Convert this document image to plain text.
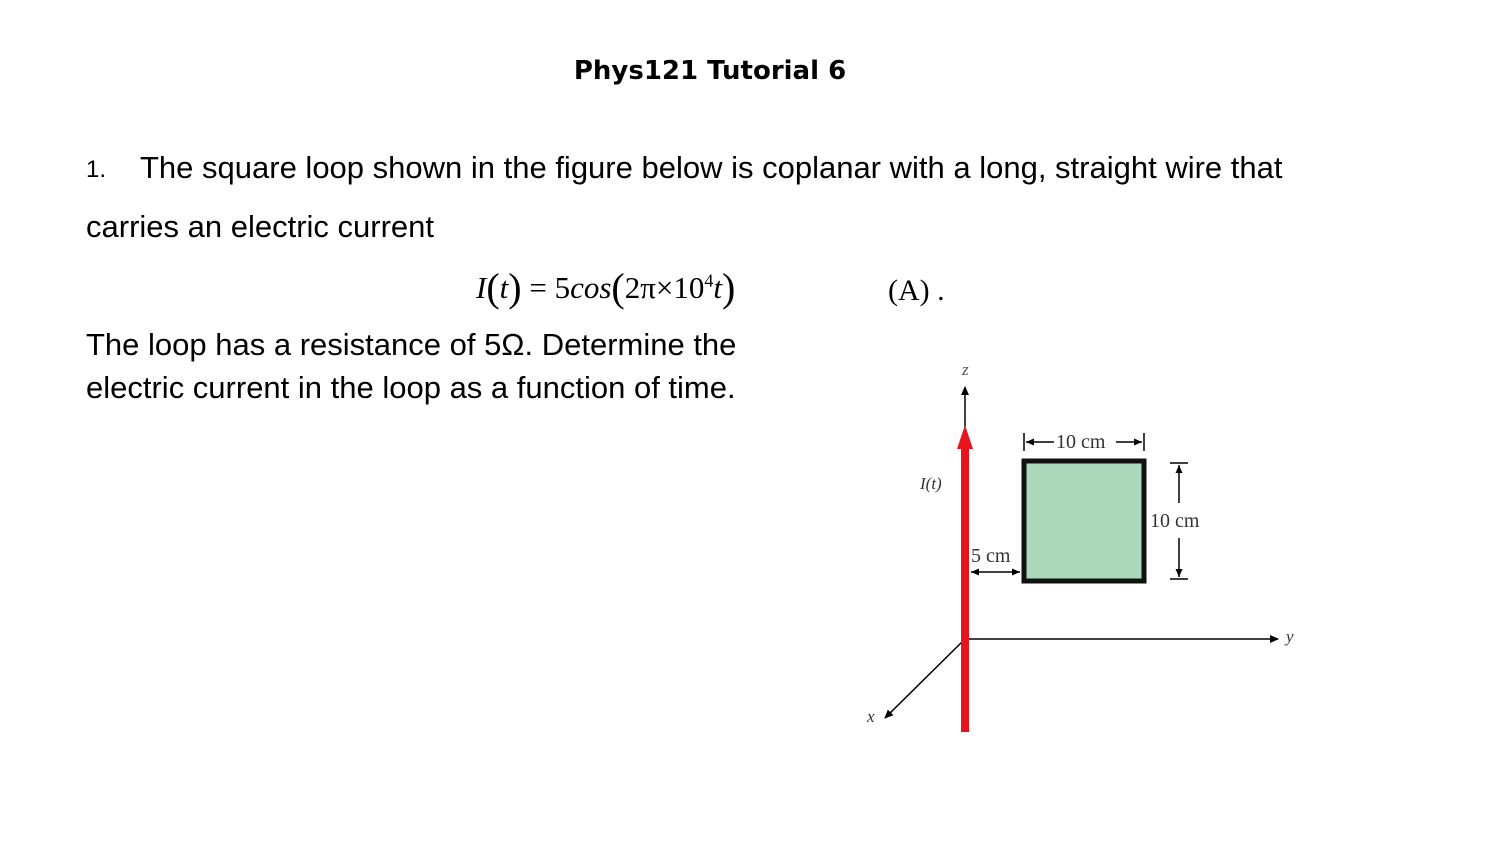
Phys121 Tutorial 6
1. The square loop shown in the figure below is coplanar with a long, straight wire that
carries an electric current
$I(t) = 5\cos(2\pi\times 10^4t)$	(A) .
The loop has a resistance of 5Ω. Determine the
electric current in the loop as a function of time.
z
y
x
I(t)
10 cm
10 cm
5 cm
